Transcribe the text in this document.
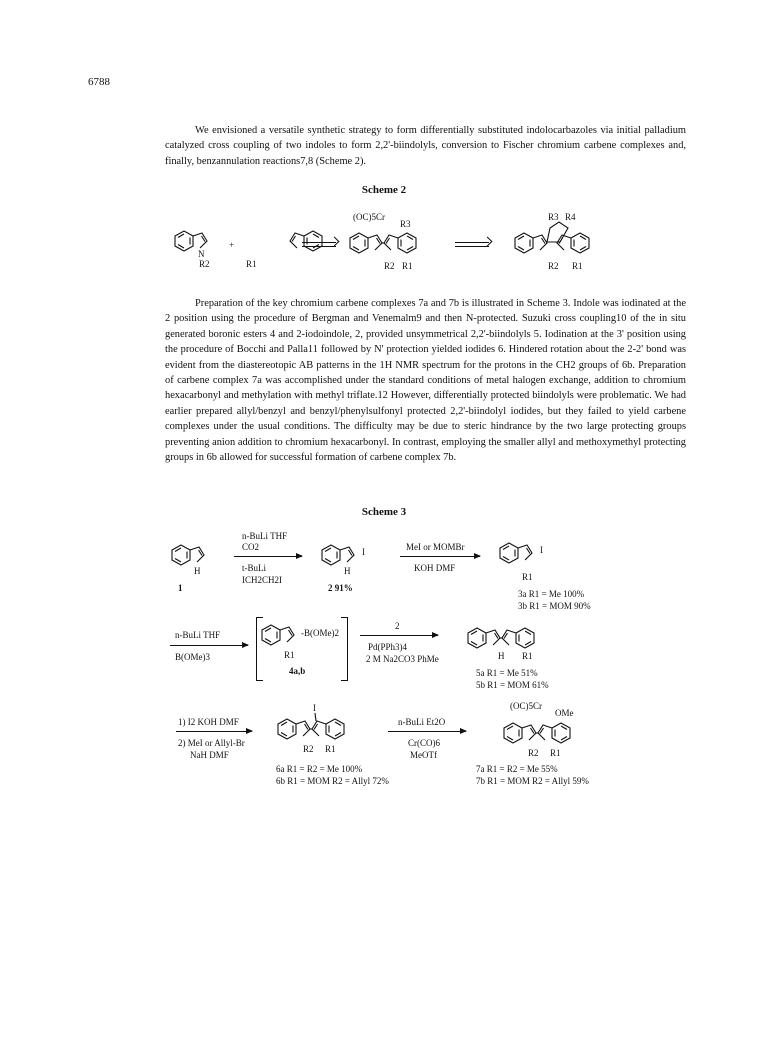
6788
We envisioned a versatile synthetic strategy to form differentially substituted indolocarbazoles via initial palladium catalyzed cross coupling of two indoles to form 2,2'-biindolyls, conversion to Fischer chromium carbene complexes and, finally, benzannulation reactions7,8 (Scheme 2).
Scheme 2
N
R2
+
R1
(OC)5Cr
R3
R2 R1
R3 R4
R2 R1
Preparation of the key chromium carbene complexes 7a and 7b is illustrated in Scheme 3. Indole was iodinated at the 2 position using the procedure of Bergman and Venemalm9 and then N-protected. Suzuki cross coupling10 of the in situ generated boronic esters 4 and 2-iodoindole, 2, provided unsymmetrical 2,2'-biindolyls 5. Iodination at the 3' position using the procedure of Bocchi and Palla11 followed by N' protection yielded iodides 6. Hindered rotation about the 2-2' bond was evident from the diastereotopic AB patterns in the 1H NMR spectrum for the protons in the CH2 groups of 6b. Preparation of carbene complex 7a was accomplished under the standard conditions of metal halogen exchange, addition to chromium hexacarbonyl and methylation with methyl triflate.12 However, differentially protected biindolyls were problematic. We had earlier prepared allyl/benzyl and benzyl/phenylsulfonyl protected 2,2'-biindolyl iodides, but they failed to yield carbene complexes under the usual conditions. The difficulty may be due to steric hindrance by the two large protecting groups preventing anion addition to chromium hexacarbonyl. In contrast, employing the smaller allyl and methoxymethyl protecting groups in 6b allowed for successful formation of carbene complex 7b.
Scheme 3
H
1
n-BuLi THF
CO2
t-BuLi
ICH2CH2I
I
H
2 91%
MeI or MOMBr
KOH DMF
I
R1
3a R1 = Me 100%
3b R1 = MOM 90%
n-BuLi THF
B(OMe)3
-B(OMe)2
R1
4a,b
2
Pd(PPh3)4
2 M Na2CO3 PhMe	H R1
5a R1 = Me 51%
5b R1 = MOM 61%
1) I2 KOH DMF
2) MeI or Allyl-Br
NaH DMF
I
R2 R1
6a R1 = R2 = Me 100%
6b R1 = MOM R2 = Allyl 72%
n-BuLi Et2O
Cr(CO)6
MeOTf
(OC)5Cr
OMe
R2 R1
7a R1 = R2 = Me 55%
7b R1 = MOM R2 = Allyl 59%
